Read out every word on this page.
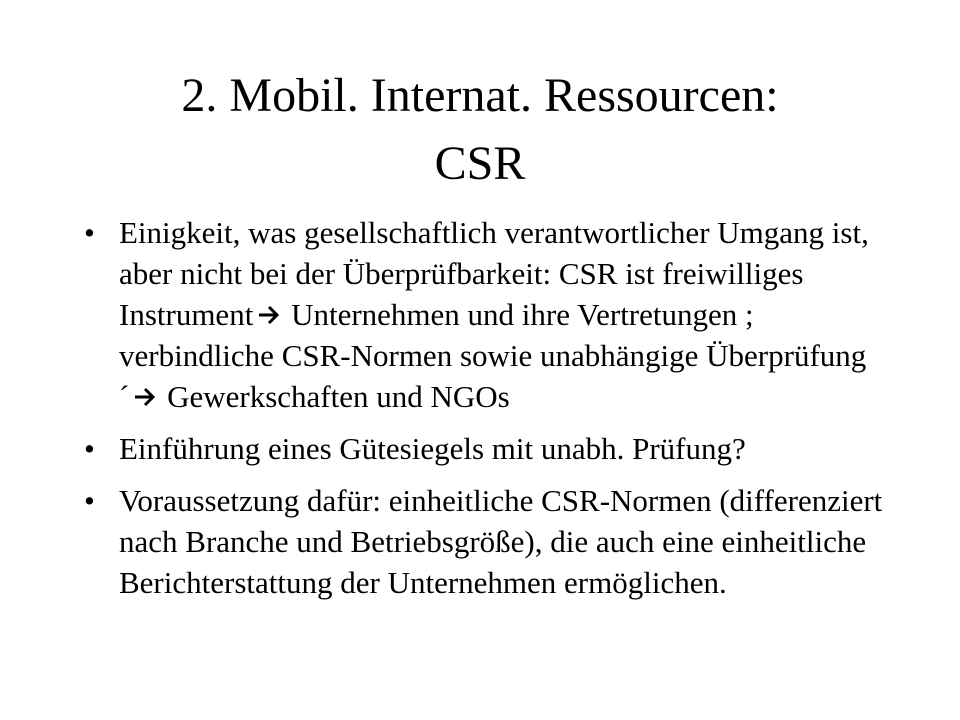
2. Mobil. Internat. Ressourcen:
CSR
• Einigkeit, was gesellschaftlich verantwortlicher Umgang ist, aber nicht bei der Überprüfbarkeit: CSR ist freiwilliges Instrument Unternehmen und ihre Vertretungen ; verbindliche CSR-Normen sowie unabhängige Überprüfung ´ Gewerkschaften und NGOs
• Einführung eines Gütesiegels mit unabh. Prüfung?
• Voraussetzung dafür: einheitliche CSR-Normen (differenziert nach Branche und Betriebsgröße), die auch eine einheitliche Berichterstattung der Unternehmen ermöglichen.
